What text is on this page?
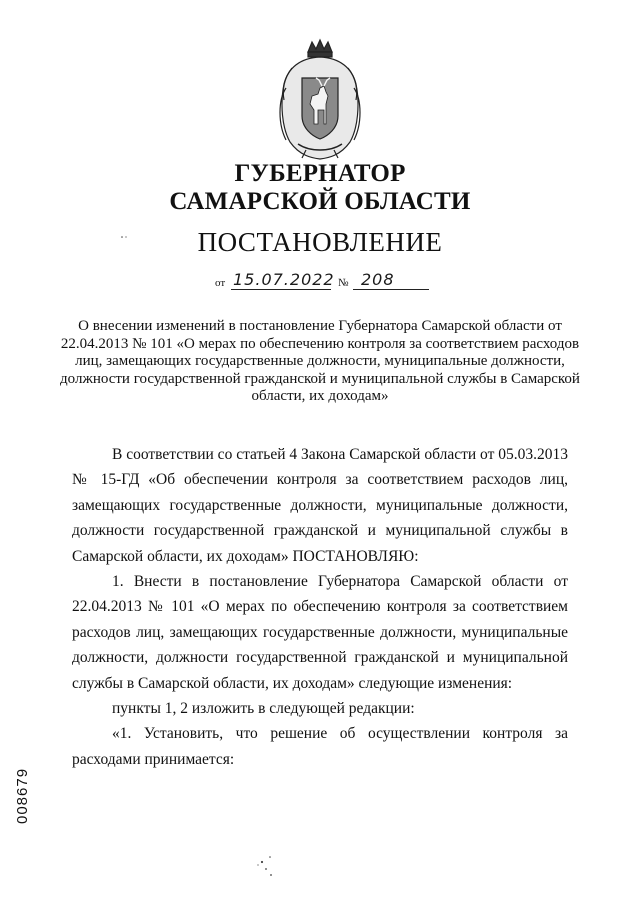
ГУБЕРНАТОР
САМАРСКОЙ ОБЛАСТИ
ПОСТАНОВЛЕНИЕ
от 15.07.2022 № 208
О внесении изменений в постановление Губернатора Самарской области от 22.04.2013 № 101 «О мерах по обеспечению контроля за соответствием расходов лиц, замещающих государственные должности, муниципальные должности, должности государственной гражданской и муниципальной службы в Самарской области, их доходам»

В соответствии со статьей 4 Закона Самарской области от 05.03.2013 № 15-ГД «Об обеспечении контроля за соответствием расходов лиц, замещающих государственные должности, муниципальные должности, должности государственной гражданской и муниципальной службы в Самарской области, их доходам» ПОСТАНОВЛЯЮ:

1. Внести в постановление Губернатора Самарской области от 22.04.2013 № 101 «О мерах по обеспечению контроля за соответствием расходов лиц, замещающих государственные должности, муниципальные должности, должности государственной гражданской и муниципальной службы в Самарской области, их доходам» следующие изменения:

пункты 1, 2 изложить в следующей редакции:

«1. Установить, что решение об осуществлении контроля за расходами принимается:

008679
